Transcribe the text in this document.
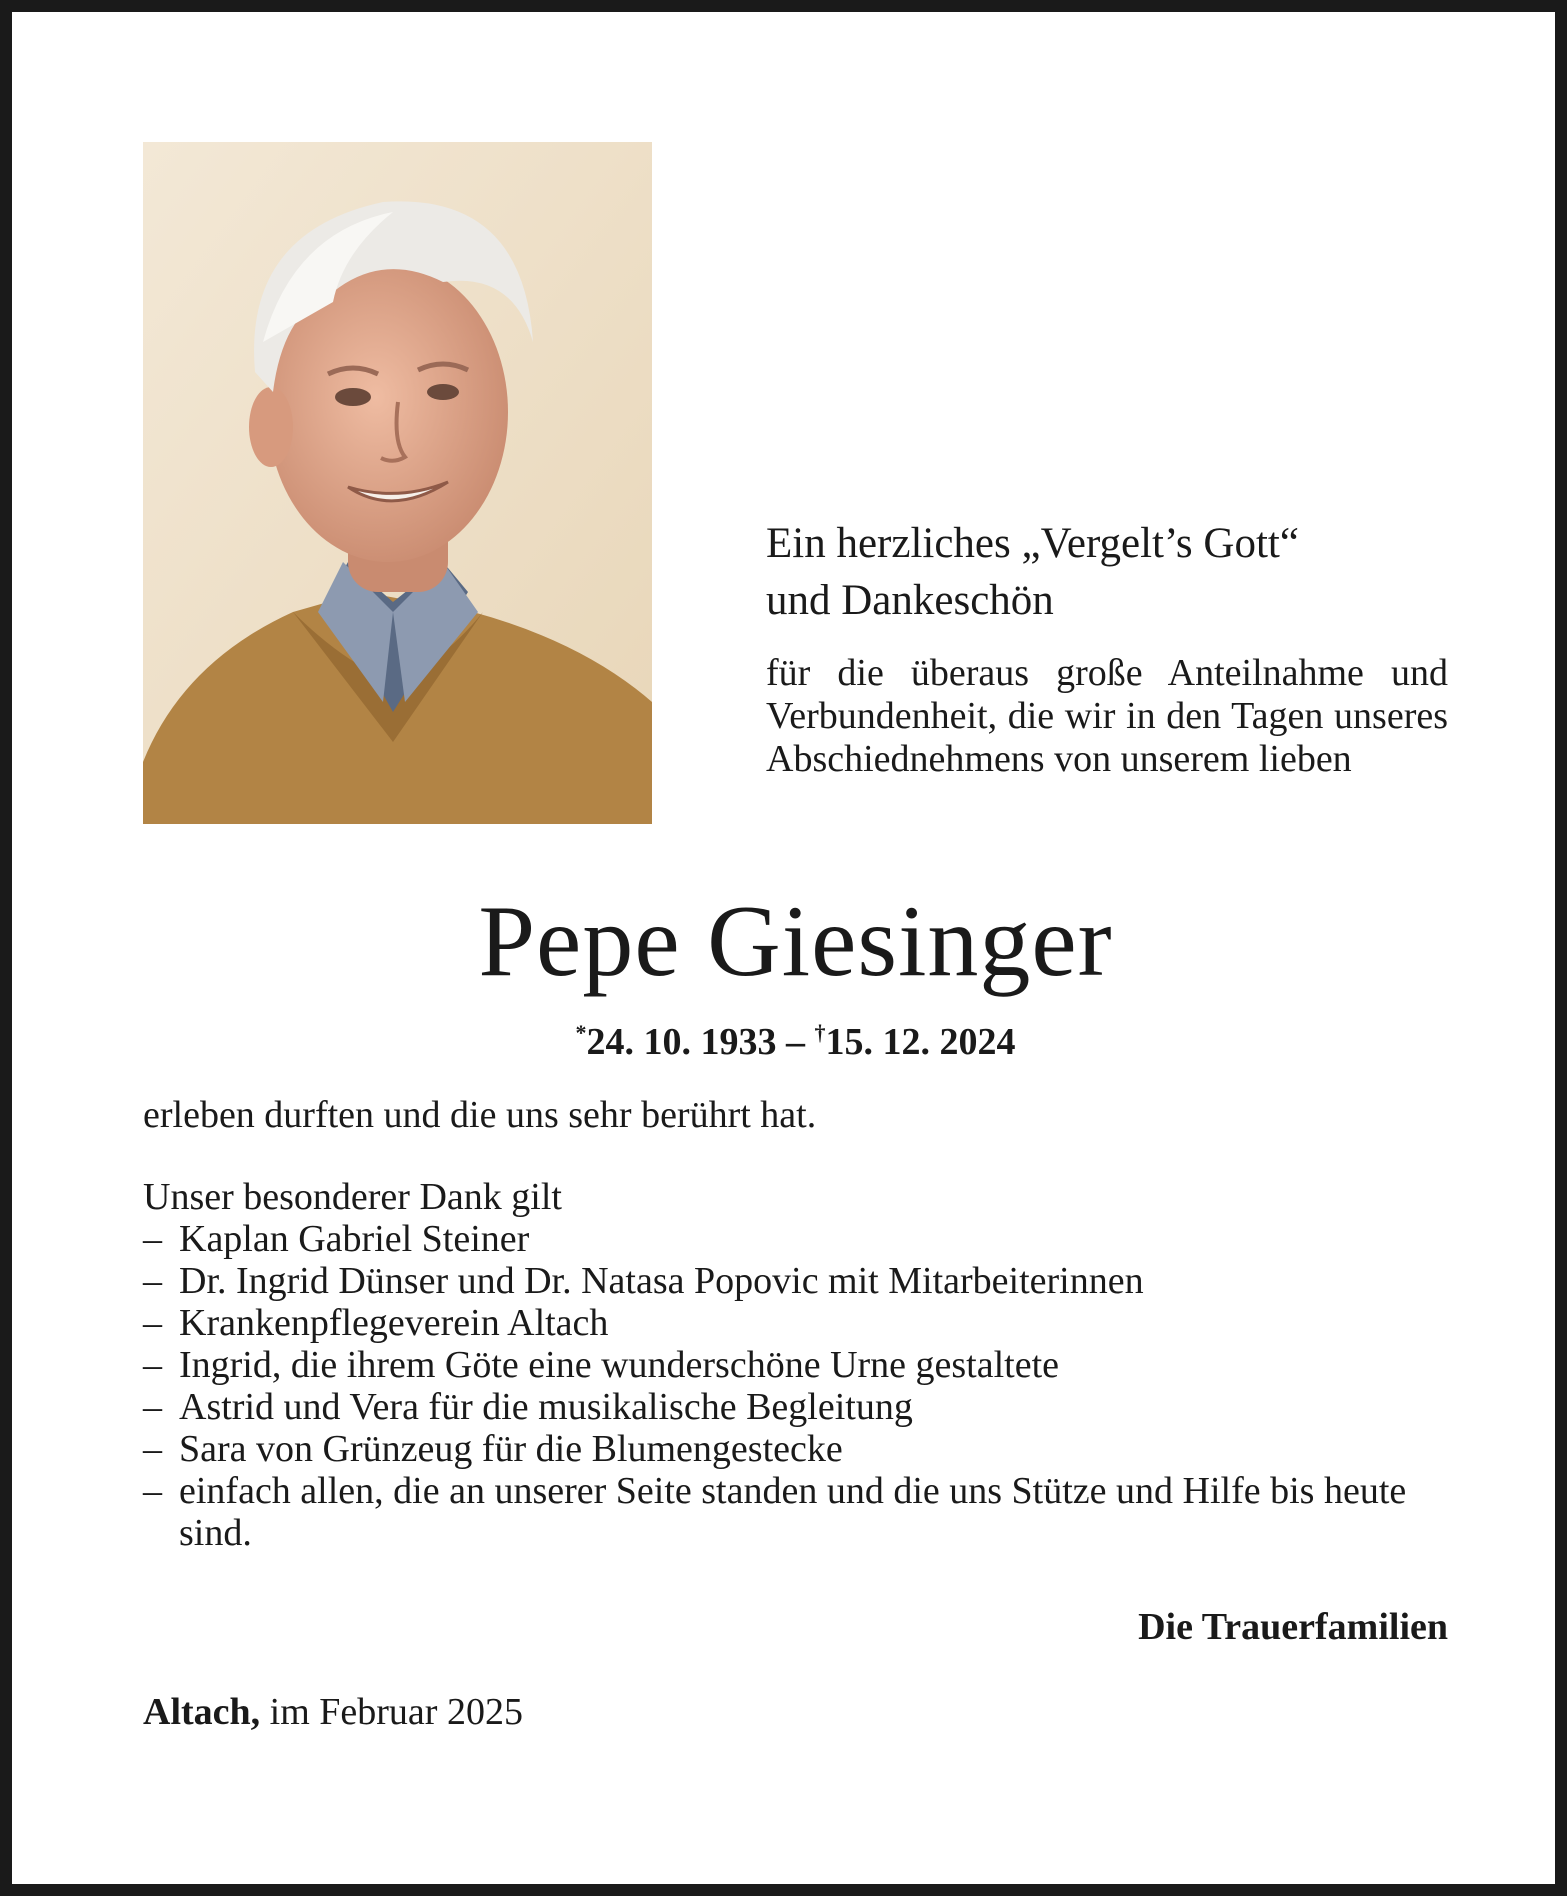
Ein herzliches „Vergelt’s Gott“
und Dankeschön

für die überaus große Anteilnahme und Verbundenheit, die wir in den Tagen unseres Abschiednehmens von unserem lieben

Pepe Giesinger
*24. 10. 1933 – †15. 12. 2024

erleben durften und die uns sehr berührt hat.

Unser besonderer Dank gilt

– Kaplan Gabriel Steiner
– Dr. Ingrid Dünser und Dr. Natasa Popovic mit Mitarbeiterinnen
– Krankenpflegeverein Altach
– Ingrid, die ihrem Göte eine wunderschöne Urne gestaltete
– Astrid und Vera für die musikalische Begleitung
– Sara von Grünzeug für die Blumengestecke
– einfach allen, die an unserer Seite standen und die uns Stütze und Hilfe bis heute sind.
Die Trauerfamilien
Altach, im Februar 2025
